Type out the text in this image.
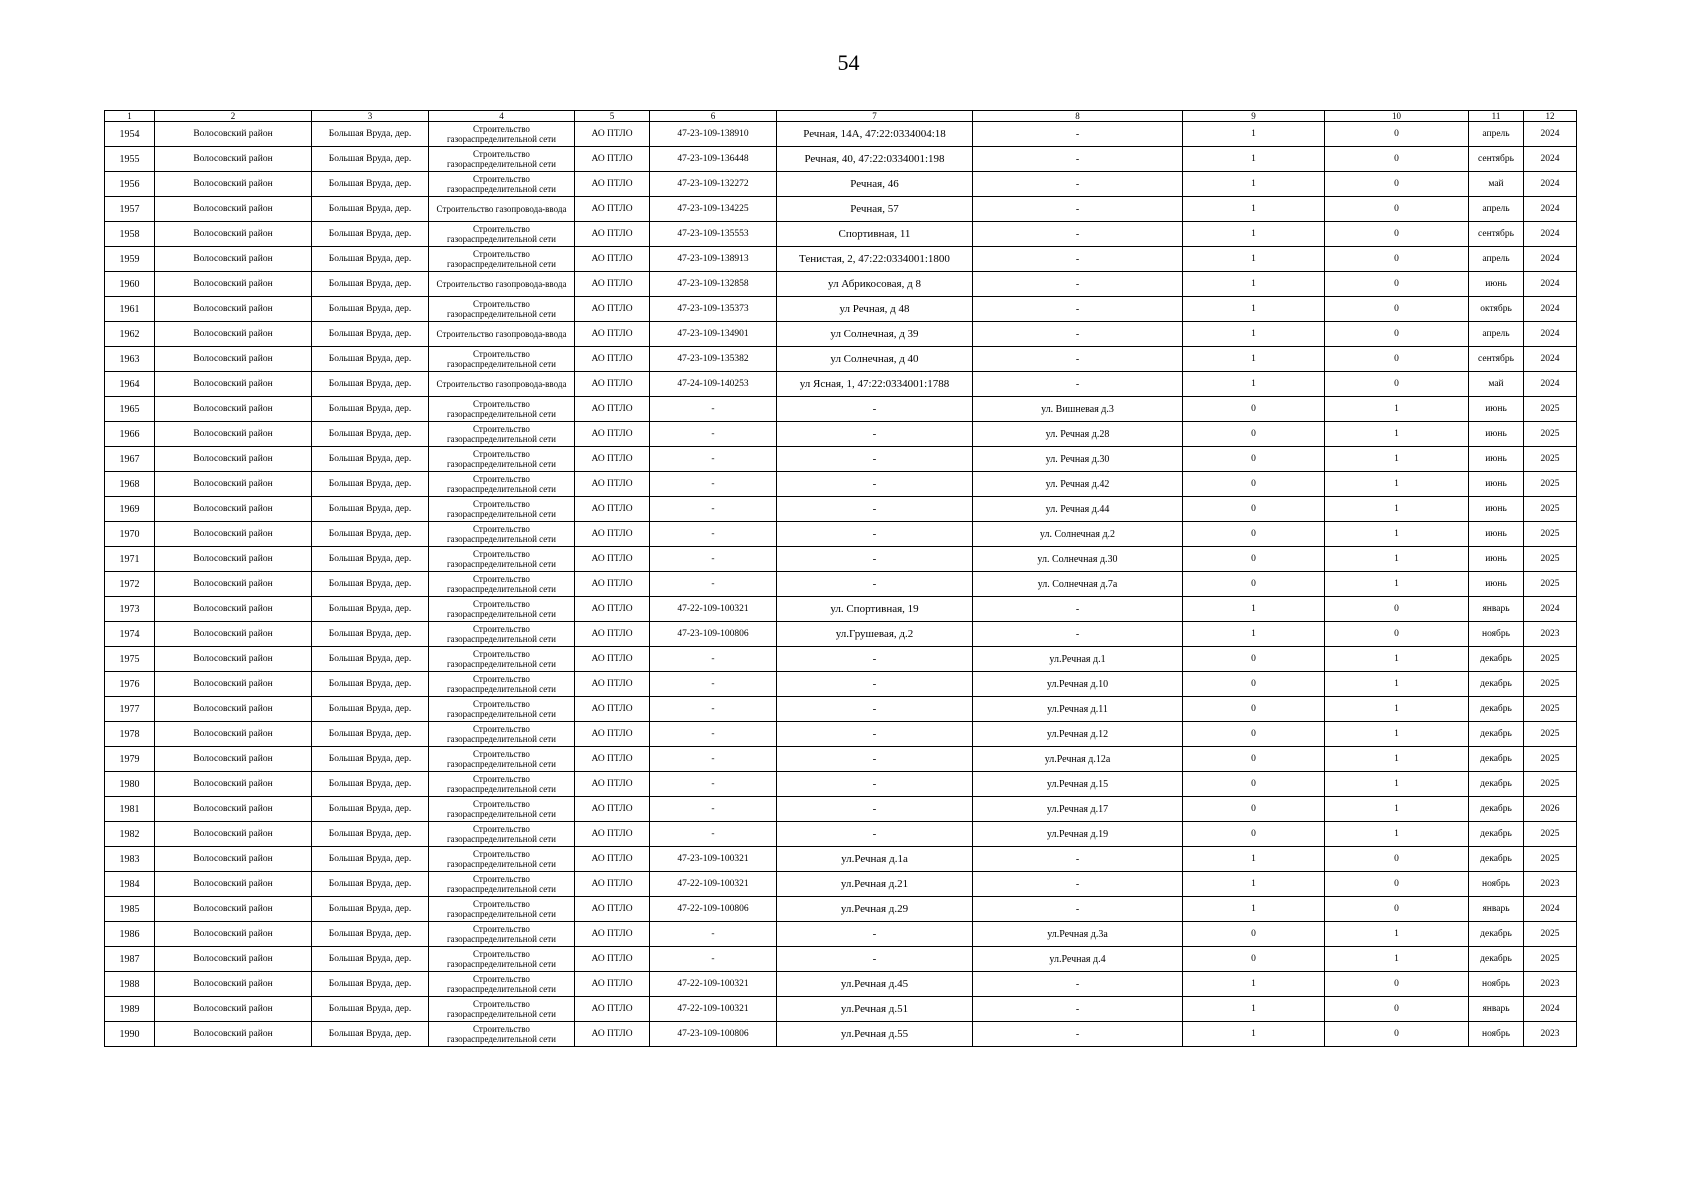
54
1	2	3	4	5	6	7	8	9	10	11	12
1954	Волосовский район	Большая Вруда, дер.	Строительство газораспределительной сети	АО ПТЛО	47-23-109-138910	Речная, 14А, 47:22:0334004:18	-	1	0	апрель	2024
1955	Волосовский район	Большая Вруда, дер.	Строительство газораспределительной сети	АО ПТЛО	47-23-109-136448	Речная, 40, 47:22:0334001:198	-	1	0	сентябрь	2024
1956	Волосовский район	Большая Вруда, дер.	Строительство газораспределительной сети	АО ПТЛО	47-23-109-132272	Речная, 46	-	1	0	май	2024
1957	Волосовский район	Большая Вруда, дер.	Строительство газопровода-ввода	АО ПТЛО	47-23-109-134225	Речная, 57	-	1	0	апрель	2024
1958	Волосовский район	Большая Вруда, дер.	Строительство газораспределительной сети	АО ПТЛО	47-23-109-135553	Спортивная, 11	-	1	0	сентябрь	2024
1959	Волосовский район	Большая Вруда, дер.	Строительство газораспределительной сети	АО ПТЛО	47-23-109-138913	Тенистая, 2, 47:22:0334001:1800	-	1	0	апрель	2024
1960	Волосовский район	Большая Вруда, дер.	Строительство газопровода-ввода	АО ПТЛО	47-23-109-132858	ул Абрикосовая, д 8	-	1	0	июнь	2024
1961	Волосовский район	Большая Вруда, дер.	Строительство газораспределительной сети	АО ПТЛО	47-23-109-135373	ул Речная, д 48	-	1	0	октябрь	2024
1962	Волосовский район	Большая Вруда, дер.	Строительство газопровода-ввода	АО ПТЛО	47-23-109-134901	ул Солнечная, д 39	-	1	0	апрель	2024
1963	Волосовский район	Большая Вруда, дер.	Строительство газораспределительной сети	АО ПТЛО	47-23-109-135382	ул Солнечная, д 40	-	1	0	сентябрь	2024
1964	Волосовский район	Большая Вруда, дер.	Строительство газопровода-ввода	АО ПТЛО	47-24-109-140253	ул Ясная, 1, 47:22:0334001:1788	-	1	0	май	2024
1965	Волосовский район	Большая Вруда, дер.	Строительство газораспределительной сети	АО ПТЛО	-	-	ул. Вишневая д.3	0	1	июнь	2025
1966	Волосовский район	Большая Вруда, дер.	Строительство газораспределительной сети	АО ПТЛО	-	-	ул. Речная д.28	0	1	июнь	2025
1967	Волосовский район	Большая Вруда, дер.	Строительство газораспределительной сети	АО ПТЛО	-	-	ул. Речная д.30	0	1	июнь	2025
1968	Волосовский район	Большая Вруда, дер.	Строительство газораспределительной сети	АО ПТЛО	-	-	ул. Речная д.42	0	1	июнь	2025
1969	Волосовский район	Большая Вруда, дер.	Строительство газораспределительной сети	АО ПТЛО	-	-	ул. Речная д.44	0	1	июнь	2025
1970	Волосовский район	Большая Вруда, дер.	Строительство газораспределительной сети	АО ПТЛО	-	-	ул. Солнечная д.2	0	1	июнь	2025
1971	Волосовский район	Большая Вруда, дер.	Строительство газораспределительной сети	АО ПТЛО	-	-	ул. Солнечная д.30	0	1	июнь	2025
1972	Волосовский район	Большая Вруда, дер.	Строительство газораспределительной сети	АО ПТЛО	-	-	ул. Солнечная д.7а	0	1	июнь	2025
1973	Волосовский район	Большая Вруда, дер.	Строительство газораспределительной сети	АО ПТЛО	47-22-109-100321	ул. Спортивная, 19	-	1	0	январь	2024
1974	Волосовский район	Большая Вруда, дер.	Строительство газораспределительной сети	АО ПТЛО	47-23-109-100806	ул.Грушевая, д.2	-	1	0	ноябрь	2023
1975	Волосовский район	Большая Вруда, дер.	Строительство газораспределительной сети	АО ПТЛО	-	-	ул.Речная д.1	0	1	декабрь	2025
1976	Волосовский район	Большая Вруда, дер.	Строительство газораспределительной сети	АО ПТЛО	-	-	ул.Речная д.10	0	1	декабрь	2025
1977	Волосовский район	Большая Вруда, дер.	Строительство газораспределительной сети	АО ПТЛО	-	-	ул.Речная д.11	0	1	декабрь	2025
1978	Волосовский район	Большая Вруда, дер.	Строительство газораспределительной сети	АО ПТЛО	-	-	ул.Речная д.12	0	1	декабрь	2025
1979	Волосовский район	Большая Вруда, дер.	Строительство газораспределительной сети	АО ПТЛО	-	-	ул.Речная д.12а	0	1	декабрь	2025
1980	Волосовский район	Большая Вруда, дер.	Строительство газораспределительной сети	АО ПТЛО	-	-	ул.Речная д.15	0	1	декабрь	2025
1981	Волосовский район	Большая Вруда, дер.	Строительство газораспределительной сети	АО ПТЛО	-	-	ул.Речная д.17	0	1	декабрь	2026
1982	Волосовский район	Большая Вруда, дер.	Строительство газораспределительной сети	АО ПТЛО	-	-	ул.Речная д.19	0	1	декабрь	2025
1983	Волосовский район	Большая Вруда, дер.	Строительство газораспределительной сети	АО ПТЛО	47-23-109-100321	ул.Речная д.1а	-	1	0	декабрь	2025
1984	Волосовский район	Большая Вруда, дер.	Строительство газораспределительной сети	АО ПТЛО	47-22-109-100321	ул.Речная д.21	-	1	0	ноябрь	2023
1985	Волосовский район	Большая Вруда, дер.	Строительство газораспределительной сети	АО ПТЛО	47-22-109-100806	ул.Речная д.29	-	1	0	январь	2024
1986	Волосовский район	Большая Вруда, дер.	Строительство газораспределительной сети	АО ПТЛО	-	-	ул.Речная д.3а	0	1	декабрь	2025
1987	Волосовский район	Большая Вруда, дер.	Строительство газораспределительной сети	АО ПТЛО	-	-	ул.Речная д.4	0	1	декабрь	2025
1988	Волосовский район	Большая Вруда, дер.	Строительство газораспределительной сети	АО ПТЛО	47-22-109-100321	ул.Речная д.45	-	1	0	ноябрь	2023
1989	Волосовский район	Большая Вруда, дер.	Строительство газораспределительной сети	АО ПТЛО	47-22-109-100321	ул.Речная д.51	-	1	0	январь	2024
1990	Волосовский район	Большая Вруда, дер.	Строительство газораспределительной сети	АО ПТЛО	47-23-109-100806	ул.Речная д.55	-	1	0	ноябрь	2023
